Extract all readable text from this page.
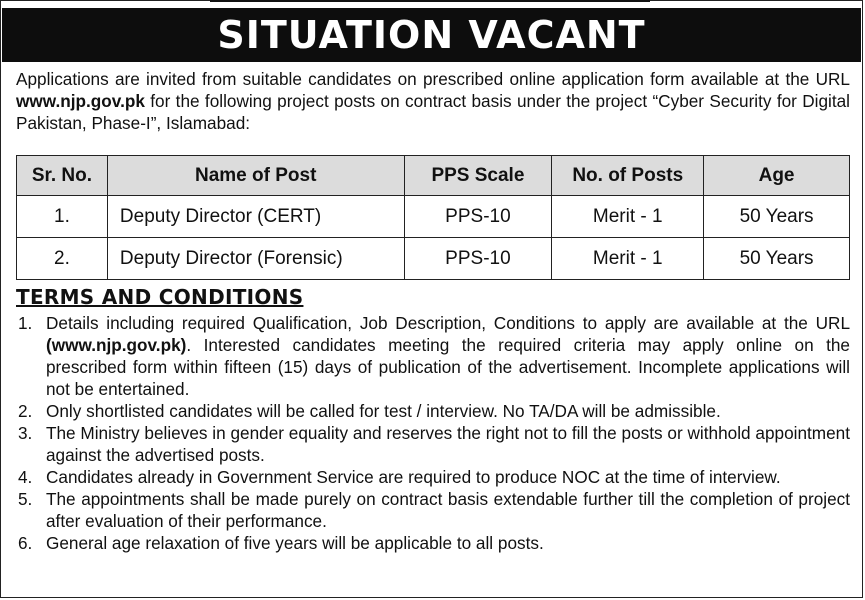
SITUATION VACANT

Applications are invited from suitable candidates on prescribed online application form available at the URL www.njp.gov.pk for the following project posts on contract basis under the project “Cyber Security for Digital Pakistan, Phase-I”, Islamabad:

Sr. No.	Name of Post	PPS Scale	No. of Posts	Age
1.	Deputy Director (CERT)	PPS-10	Merit - 1	50 Years
2.	Deputy Director (Forensic)	PPS-10	Merit - 1	50 Years
TERMS AND CONDITIONS
1. Details including required Qualification, Job Description, Conditions to apply are available at the URL (www.njp.gov.pk). Interested candidates meeting the required criteria may apply online on the prescribed form within fifteen (15) days of publication of the advertisement. Incomplete applications will not be entertained.
2. Only shortlisted candidates will be called for test / interview. No TA/DA will be admissible.
3. The Ministry believes in gender equality and reserves the right not to fill the posts or withhold appointment against the advertised posts.
4. Candidates already in Government Service are required to produce NOC at the time of interview.
5. The appointments shall be made purely on contract basis extendable further till the completion of project after evaluation of their performance.
6. General age relaxation of five years will be applicable to all posts.
